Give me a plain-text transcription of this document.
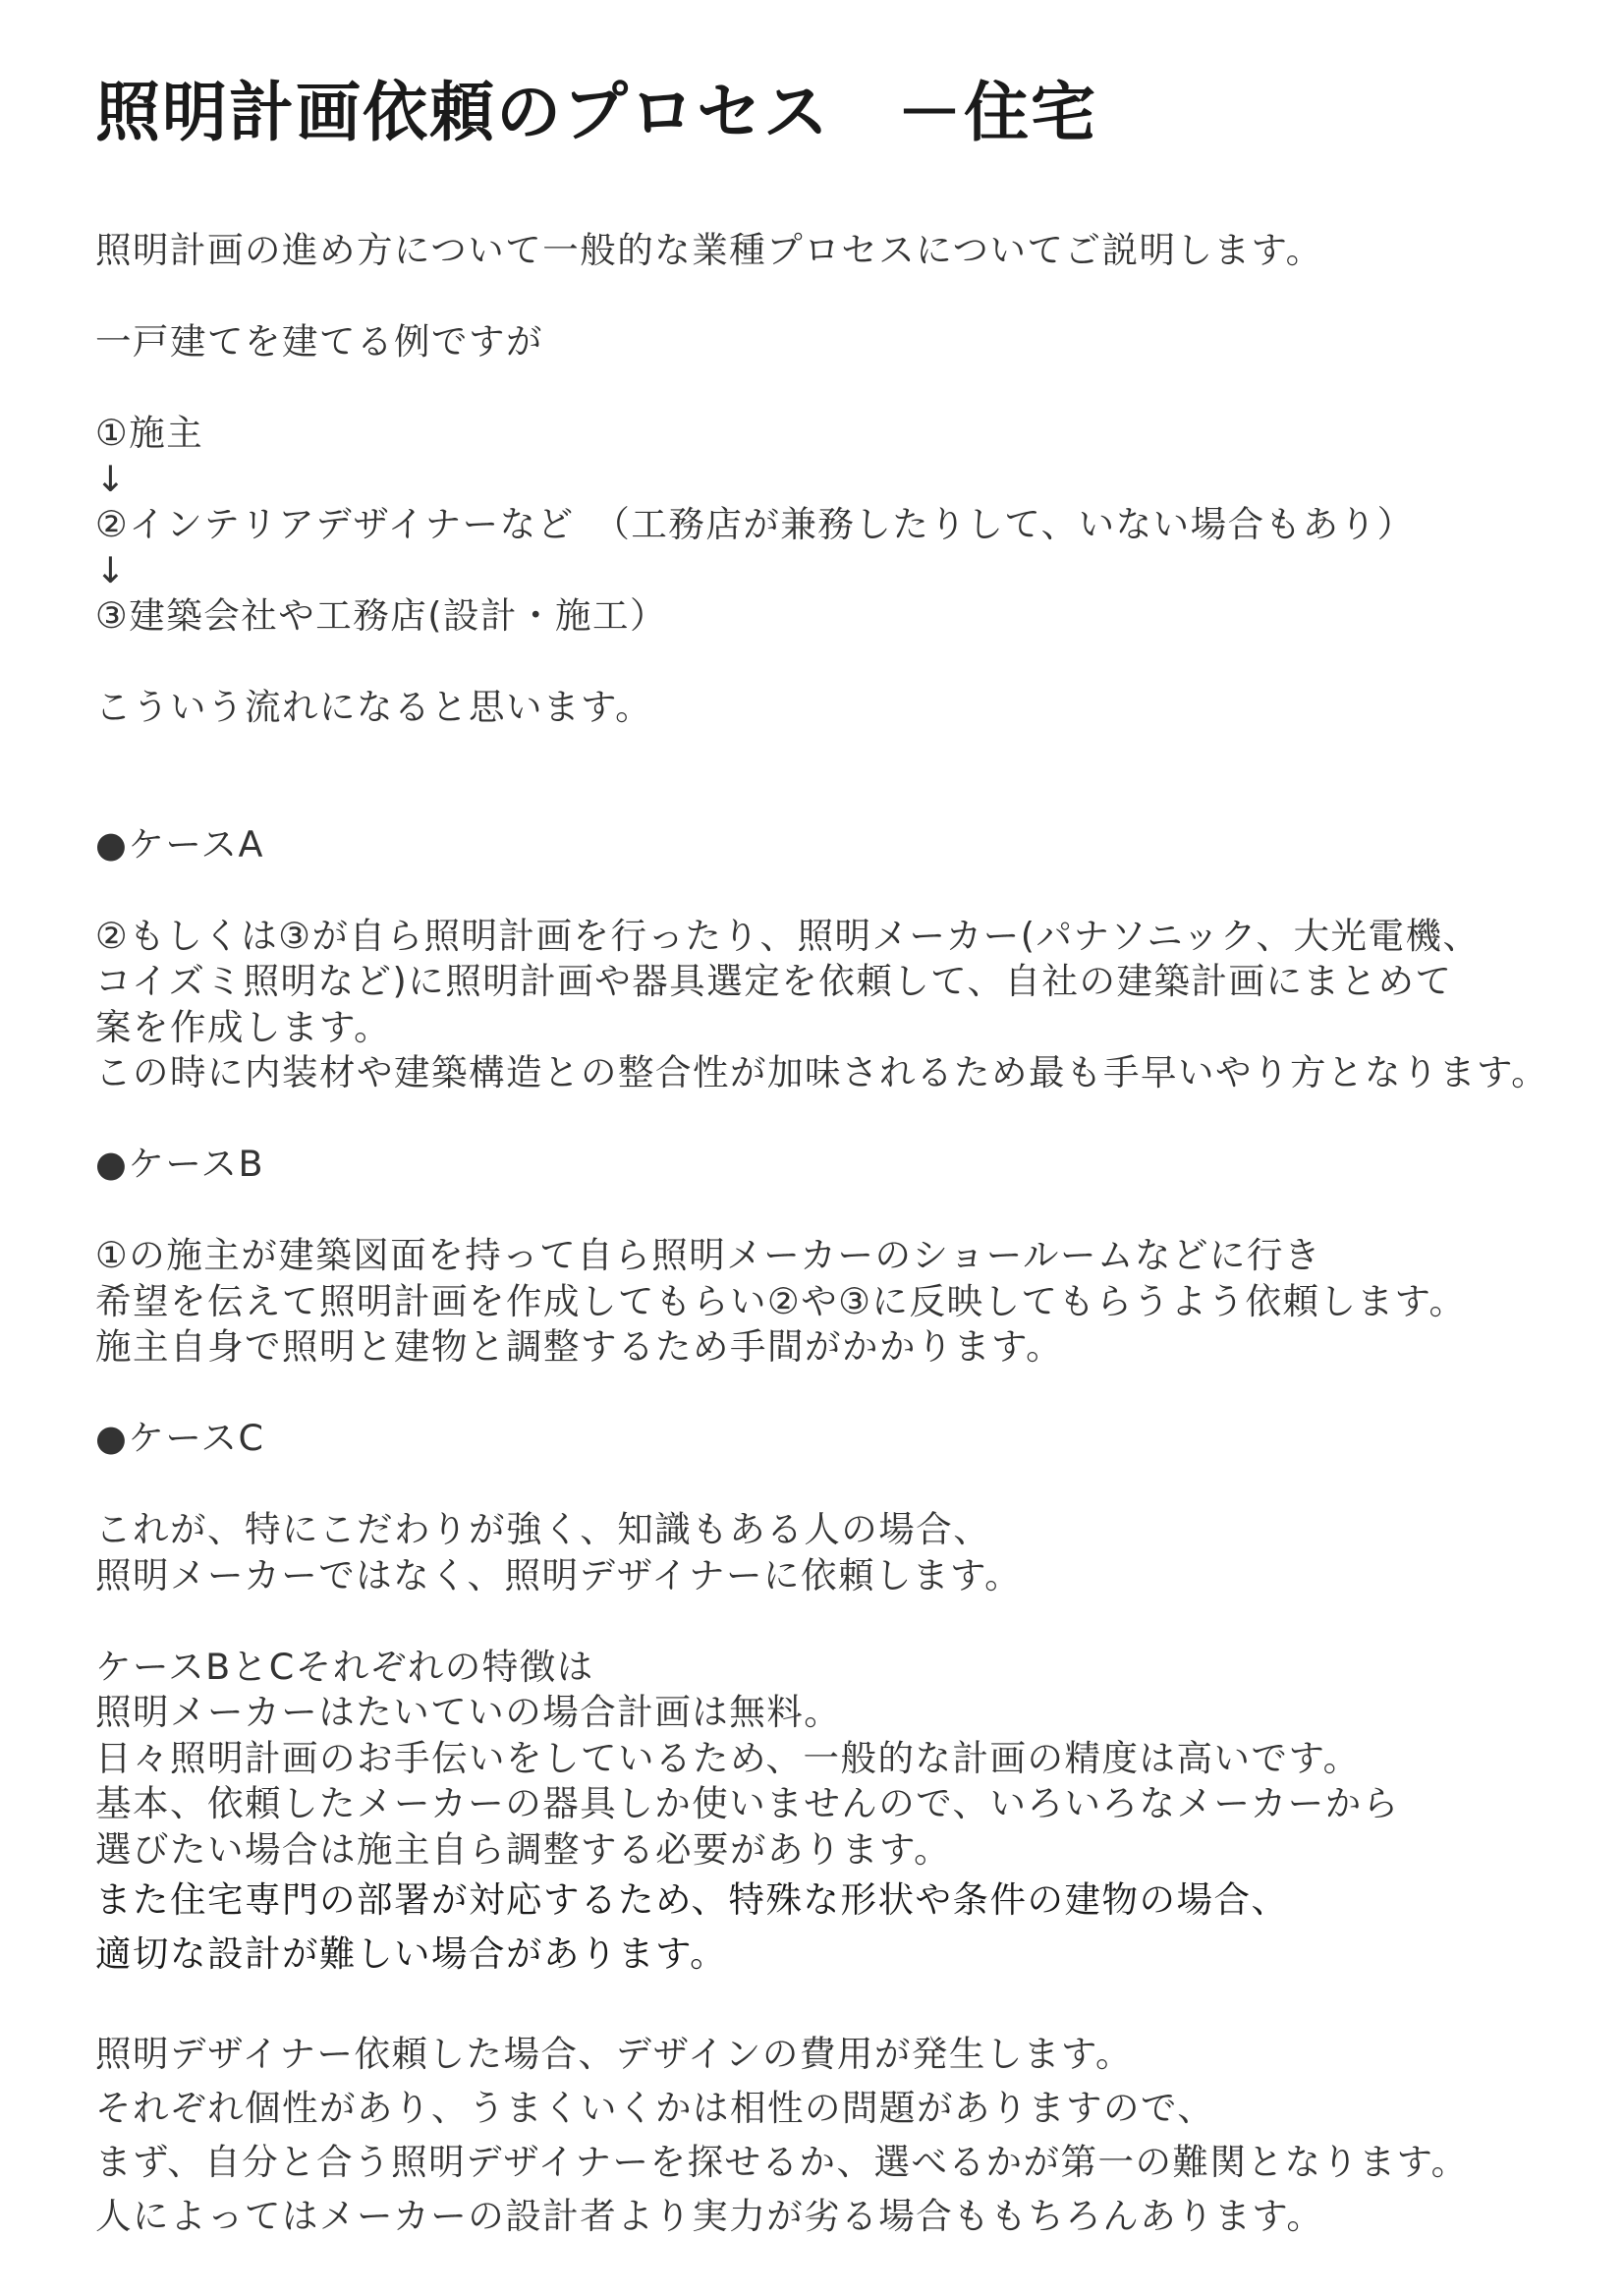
照明計画依頼のプロセス　－住宅
照明計画の進め方について一般的な業種プロセスについてご説明します。
一戸建てを建てる例ですが
①施主
↓
②インテリアデザイナーなど　（工務店が兼務したりして、いない場合もあり）
↓
③建築会社や工務店(設計・施工）
こういう流れになると思います。
●ケースA
②もしくは③が自ら照明計画を行ったり、照明メーカー(パナソニック、大光電機、
コイズミ照明など)に照明計画や器具選定を依頼して、自社の建築計画にまとめて
案を作成します。
この時に内装材や建築構造との整合性が加味されるため最も手早いやり方となります。
●ケースB
①の施主が建築図面を持って自ら照明メーカーのショールームなどに行き
希望を伝えて照明計画を作成してもらい②や③に反映してもらうよう依頼します。
施主自身で照明と建物と調整するため手間がかかります。
●ケースC
これが、特にこだわりが強く、知識もある人の場合、
照明メーカーではなく、照明デザイナーに依頼します。
ケースBとCそれぞれの特徴は
照明メーカーはたいていの場合計画は無料。
日々照明計画のお手伝いをしているため、一般的な計画の精度は高いです。
基本、依頼したメーカーの器具しか使いませんので、いろいろなメーカーから
選びたい場合は施主自ら調整する必要があります。
また住宅専門の部署が対応するため、特殊な形状や条件の建物の場合、
適切な設計が難しい場合があります。
照明デザイナー依頼した場合、デザインの費用が発生します。
それぞれ個性があり、うまくいくかは相性の問題がありますので、
まず、自分と合う照明デザイナーを探せるか、選べるかが第一の難関となります。
人によってはメーカーの設計者より実力が劣る場合ももちろんあります。
